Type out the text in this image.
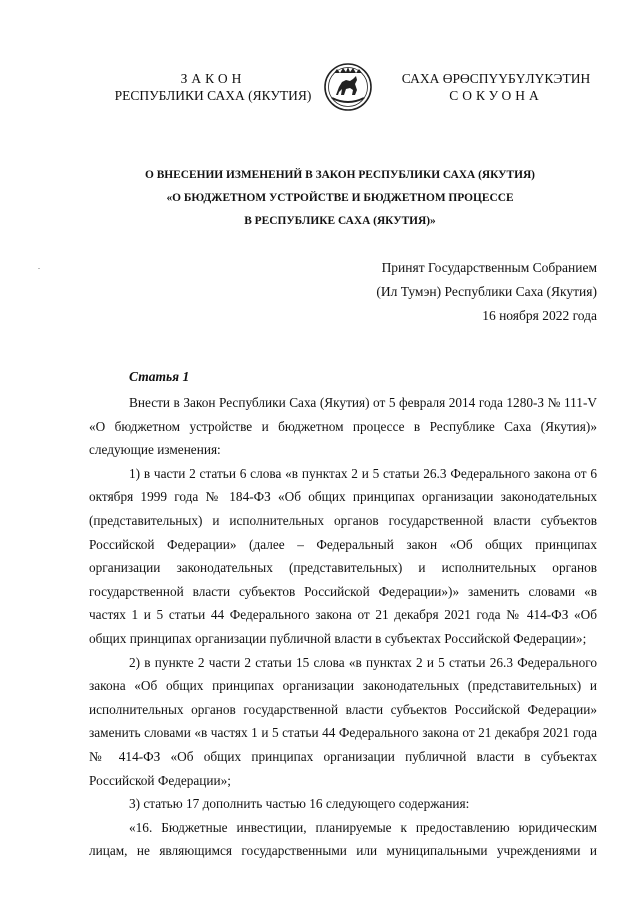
ЗАКОН
РЕСПУБЛИКИ САХА (ЯКУТИЯ)
САХА ӨРӨСПҮҮБҮЛҮКЭТИН
СОКУОНА
О ВНЕСЕНИИ ИЗМЕНЕНИЙ В ЗАКОН РЕСПУБЛИКИ САХА (ЯКУТИЯ)
«О БЮДЖЕТНОМ УСТРОЙСТВЕ И БЮДЖЕТНОМ ПРОЦЕССЕ
В РЕСПУБЛИКЕ САХА (ЯКУТИЯ)»
Принят Государственным Собранием
(Ил Тумэн) Республики Саха (Якутия)
16 ноября 2022 года
Статья 1

Внести в Закон Республики Саха (Якутия) от 5 февраля 2014 года 1280-З № 111-V «О бюджетном устройстве и бюджетном процессе в Республике Саха (Якутия)» следующие изменения:

1) в части 2 статьи 6 слова «в пунктах 2 и 5 статьи 26.3 Федерального закона от 6 октября 1999 года № 184-ФЗ «Об общих принципах организации законодательных (представительных) и исполнительных органов государственной власти субъектов Российской Федерации» (далее – Федеральный закон «Об общих принципах организации законодательных (представительных) и исполнительных органов государственной власти субъектов Российской Федерации»)» заменить словами «в частях 1 и 5 статьи 44 Федерального закона от 21 декабря 2021 года № 414-ФЗ «Об общих принципах организации публичной власти в субъектах Российской Федерации»;

2) в пункте 2 части 2 статьи 15 слова «в пунктах 2 и 5 статьи 26.3 Федерального закона «Об общих принципах организации законодательных (представительных) и исполнительных органов государственной власти субъектов Российской Федерации» заменить словами «в частях 1 и 5 статьи 44 Федерального закона от 21 декабря 2021 года № 414-ФЗ «Об общих принципах организации публичной власти в субъектах Российской Федерации»;

3) статью 17 дополнить частью 16 следующего содержания:

«16. Бюджетные инвестиции, планируемые к предоставлению юридическим лицам, не являющимся государственными или муниципальными учреждениями и
